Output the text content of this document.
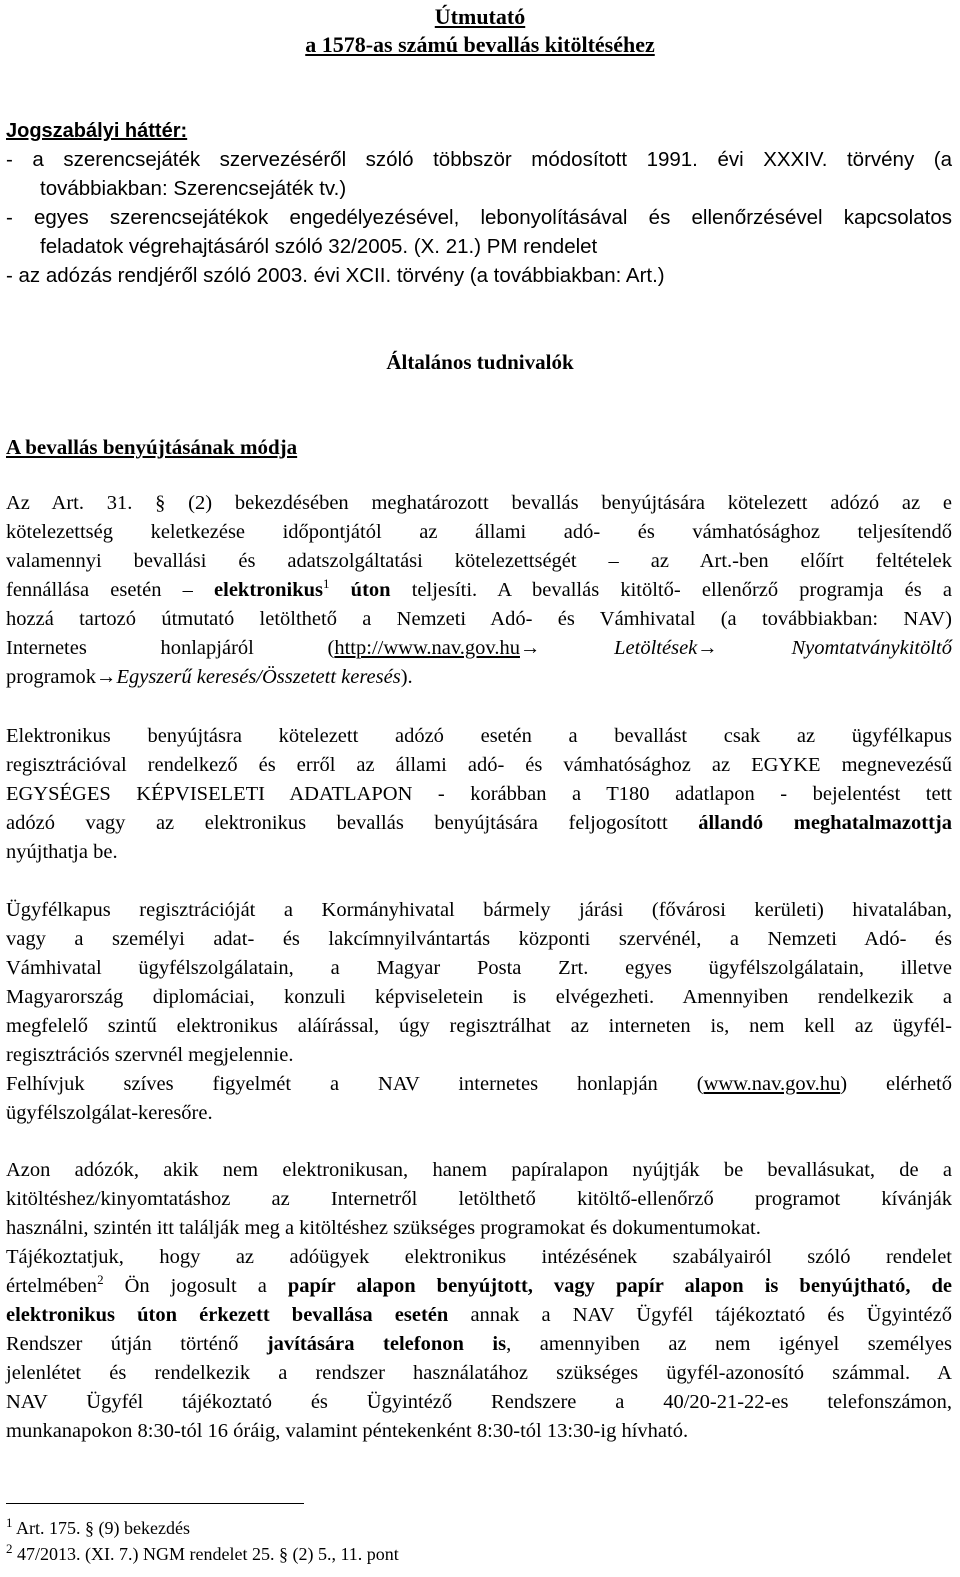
Útmutató
a 1578-as számú bevallás kitöltéséhez
Jogszabályi háttér:
- a szerencsejáték szervezéséről szóló többször módosított 1991. évi XXXIV. törvény (a
továbbiakban: Szerencsejáték tv.)
- egyes szerencsejátékok engedélyezésével, lebonyolításával és ellenőrzésével kapcsolatos
feladatok végrehajtásáról szóló 32/2005. (X. 21.) PM rendelet
- az adózás rendjéről szóló 2003. évi XCII. törvény (a továbbiakban: Art.)
Általános tudnivalók
A bevallás benyújtásának módja
Az Art. 31. § (2) bekezdésében meghatározott bevallás benyújtására kötelezett adózó az e
kötelezettség keletkezése időpontjától az állami adó- és vámhatósághoz teljesítendő
valamennyi bevallási és adatszolgáltatási kötelezettségét – az Art.-ben előírt feltételek
fennállása esetén – elektronikus$^1$ úton teljesíti. A bevallás kitöltő- ellenőrző programja és a
hozzá tartozó útmutató letölthető a Nemzeti Adó- és Vámhivatal (a továbbiakban: NAV)
Internetes honlapjáról (http://www.nav.gov.hu→	Letöltések→	Nyomtatványkitöltő
programok→Egyszerű keresés/Összetett keresés).
Elektronikus benyújtásra kötelezett adózó esetén a bevallást csak az ügyfélkapus
regisztrációval rendelkező és erről az állami adó- és vámhatósághoz az EGYKE megnevezésű
EGYSÉGES KÉPVISELETI ADATLAPON - korábban a T180 adatlapon - bejelentést tett
adózó vagy az elektronikus bevallás benyújtására feljogosított állandó meghatalmazottja
nyújthatja be.
Ügyfélkapus regisztrációját a Kormányhivatal bármely járási (fővárosi kerületi) hivatalában,
vagy a személyi adat- és lakcímnyilvántartás központi szervénél, a Nemzeti Adó- és
Vámhivatal ügyfélszolgálatain, a Magyar Posta Zrt. egyes ügyfélszolgálatain, illetve
Magyarország diplomáciai, konzuli képviseletein is elvégezheti. Amennyiben rendelkezik a
megfelelő szintű elektronikus aláírással, úgy regisztrálhat az interneten is, nem kell az ügyfél-
regisztrációs szervnél megjelennie.
Felhívjuk szíves figyelmét a NAV internetes honlapján (www.nav.gov.hu) elérhető
ügyfélszolgálat-keresőre.
Azon adózók, akik nem elektronikusan, hanem papíralapon nyújtják be bevallásukat, de a
kitöltéshez/kinyomtatáshoz az Internetről letölthető kitöltő-ellenőrző programot kívánják
használni, szintén itt találják meg a kitöltéshez szükséges programokat és dokumentumokat.
Tájékoztatjuk, hogy az adóügyek elektronikus intézésének szabályairól szóló rendelet
értelmében$^2$ Ön jogosult a papír alapon benyújtott, vagy papír alapon is benyújtható, de
elektronikus úton érkezett bevallása esetén annak a NAV Ügyfél tájékoztató és Ügyintéző
Rendszer útján történő javítására telefonon is, amennyiben az nem igényel személyes
jelenlétet és rendelkezik a rendszer használatához szükséges ügyfél-azonosító számmal. A
NAV Ügyfél tájékoztató és Ügyintéző Rendszere a 40/20-21-22-es telefonszámon,
munkanapokon 8:30-tól 16 óráig, valamint péntekenként 8:30-tól 13:30-ig hívható.
$^1$ Art. 175. § (9) bekezdés
$^2$ 47/2013. (XI. 7.) NGM rendelet 25. § (2) 5., 11. pont
